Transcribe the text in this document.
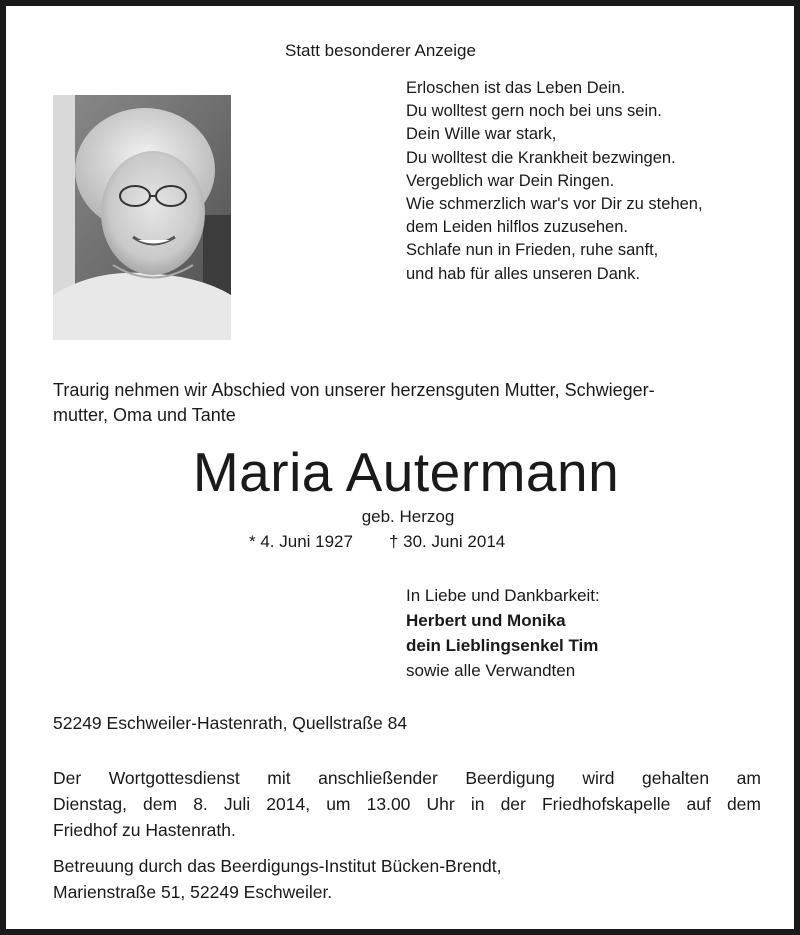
Statt besonderer Anzeige
Erloschen ist das Leben Dein.
Du wolltest gern noch bei uns sein.
Dein Wille war stark,
Du wolltest die Krankheit bezwingen.
Vergeblich war Dein Ringen.
Wie schmerzlich war's vor Dir zu stehen,
dem Leiden hilflos zuzusehen.
Schlafe nun in Frieden, ruhe sanft,
und hab für alles unseren Dank.
Traurig nehmen wir Abschied von unserer herzensguten Mutter, Schwieger-
mutter, Oma und Tante
Maria Autermann
geb. Herzog
* 4. Juni 1927 † 30. Juni 2014
In Liebe und Dankbarkeit:
Herbert und Monika
dein Lieblingsenkel Tim
sowie alle Verwandten
52249 Eschweiler-Hastenrath, Quellstraße 84
Der Wortgottesdienst mit anschließender Beerdigung wird gehalten am
Dienstag, dem 8. Juli 2014, um 13.00 Uhr in der Friedhofskapelle auf dem
Friedhof zu Hastenrath.
Betreuung durch das Beerdigungs-Institut Bücken-Brendt,
Marienstraße 51, 52249 Eschweiler.
